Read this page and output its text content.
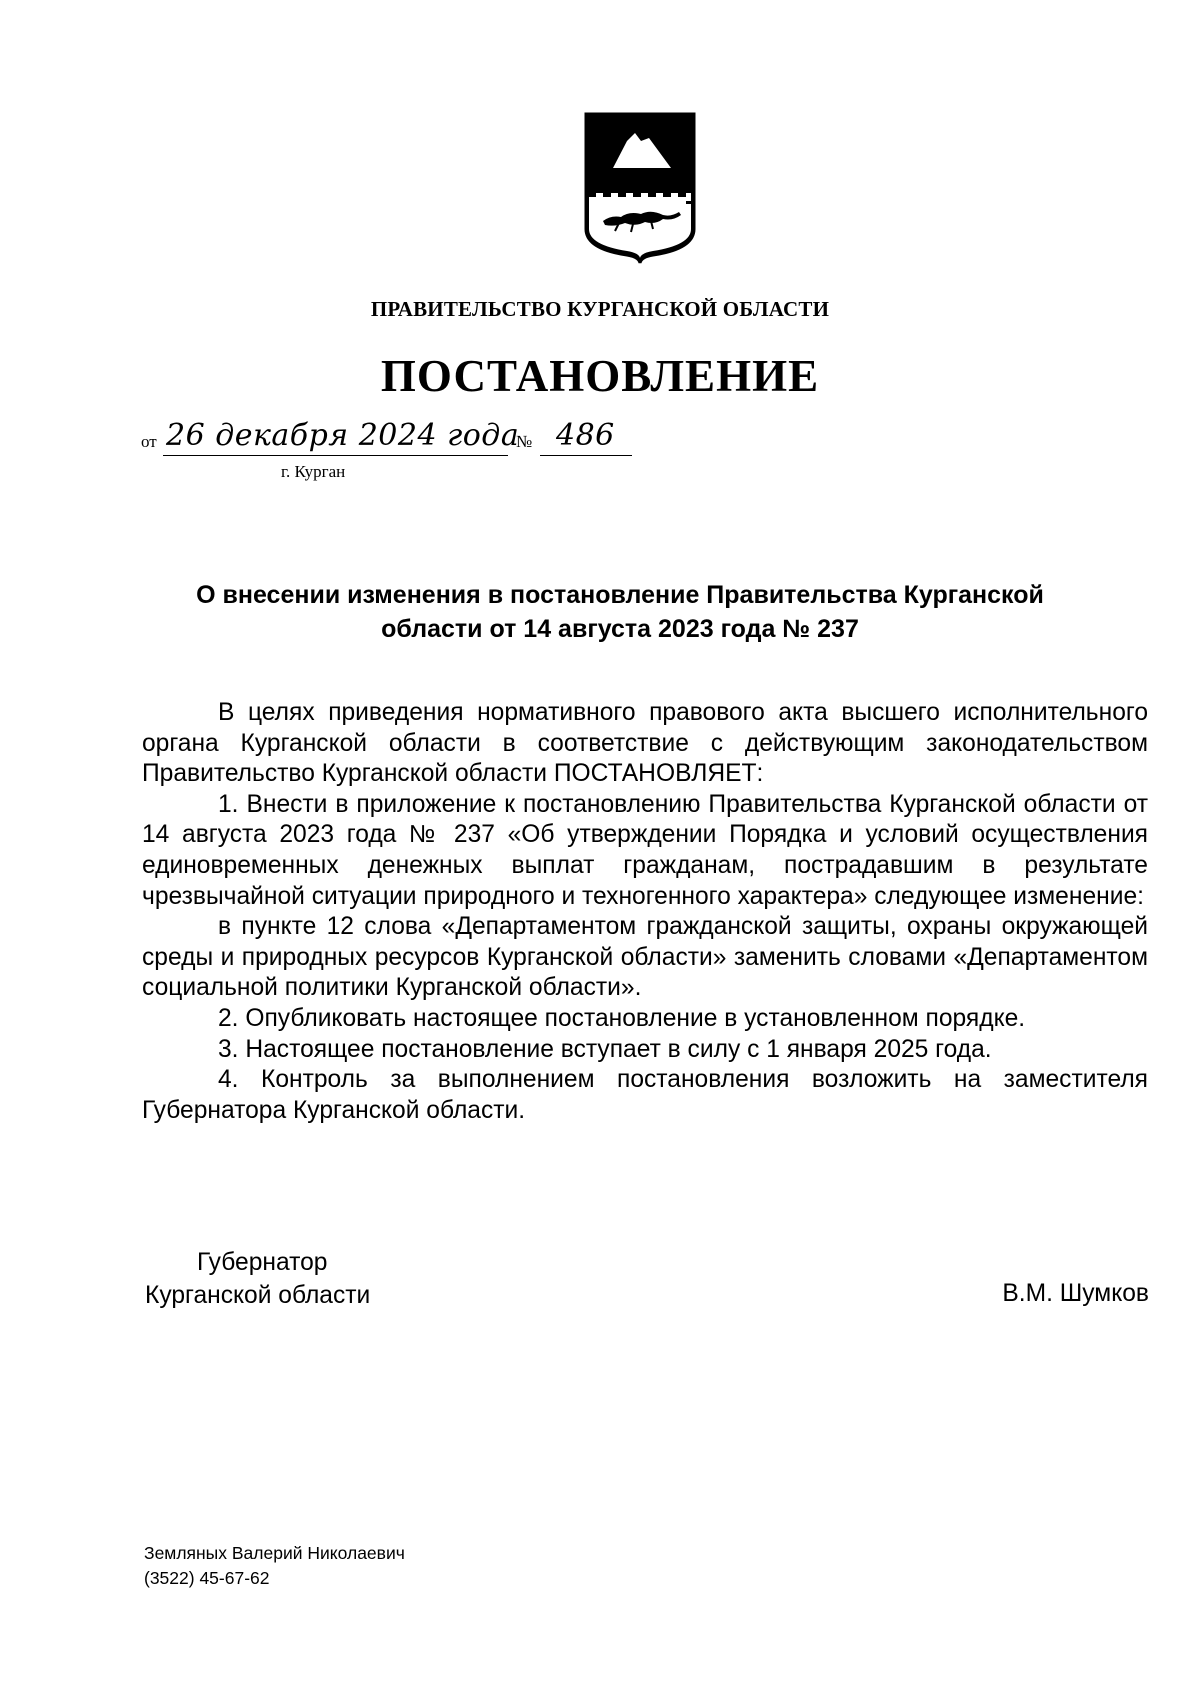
ПРАВИТЕЛЬСТВО КУРГАНСКОЙ ОБЛАСТИ
ПОСТАНОВЛЕНИЕ
от 26 декабря 2024 года
№ 486
г. Курган
О внесении изменения в постановление Правительства Курганской
области от 14 августа 2023 года № 237

В целях приведения нормативного правового акта высшего исполнительного органа Курганской области в соответствие с действующим законодательством Правительство Курганской области ПОСТАНОВЛЯЕТ:

1. Внести в приложение к постановлению Правительства Курганской области от 14 августа 2023 года № 237 «Об утверждении Порядка и условий осуществления единовременных денежных выплат гражданам, пострадавшим в результате чрезвычайной ситуации природного и техногенного характера» следующее изменение:

в пункте 12 слова «Департаментом гражданской защиты, охраны окружающей среды и природных ресурсов Курганской области» заменить словами «Департаментом социальной политики Курганской области».

2. Опубликовать настоящее постановление в установленном порядке.

3. Настоящее постановление вступает в силу с 1 января 2025 года.

4. Контроль за выполнением постановления возложить на заместителя Губернатора Курганской области.

Губернатор
Курганской области	В.М. Шумков
Земляных Валерий Николаевич
(3522) 45-67-62
